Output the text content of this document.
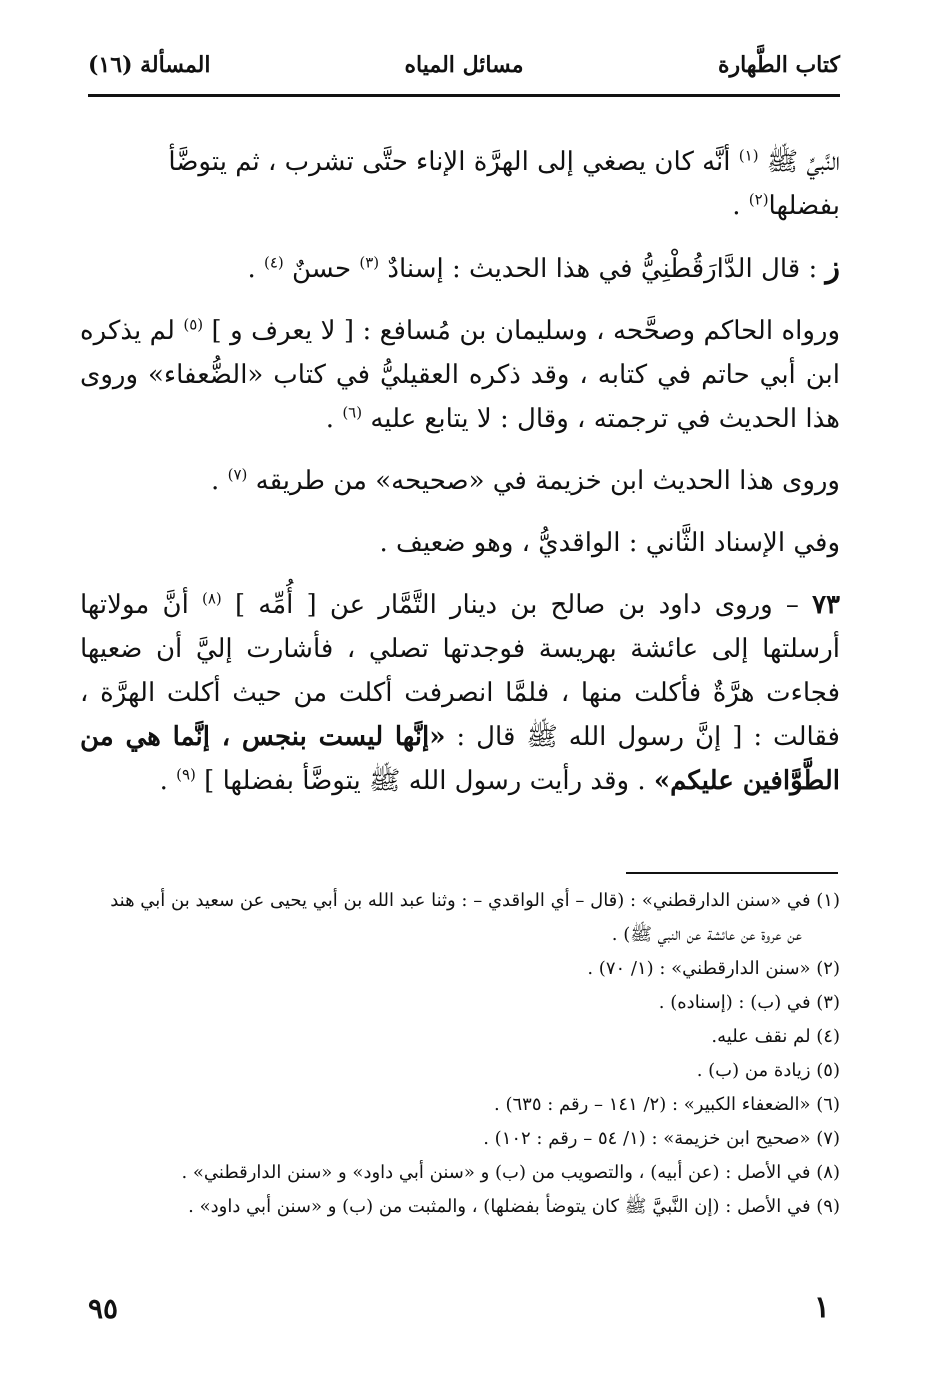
كتاب الطَّهارة
مسائل المياه
المسألة (١٦)

النَّبيِّ ﷺ $^{(١)}$ أنَّه كان يصغي إلى الهرَّة الإناء حتَّى تشرب ، ثم يتوضَّأ
بفضلها$^{(٢)}$ .

ز : قال الدَّارَقُطْنِيُّ في هذا الحديث : إسنادٌ $^{(٣)}$ حسنٌ $^{(٤)}$ .

ورواه الحاكم وصحَّحه ، وسليمان بن مُسافع : [ لا يعرف و ] $^{(٥)}$ لم يذكره ابن أبي حاتم في كتابه ، وقد ذكره العقيليُّ في كتاب «الضُّعفاء» وروى هذا الحديث في ترجمته ، وقال : لا يتابع عليه $^{(٦)}$ .

وروى هذا الحديث ابن خزيمة في «صحيحه» من طريقه $^{(٧)}$ .

وفي الإسناد الثَّاني : الواقديُّ ، وهو ضعيف .

٧٣ – وروى داود بن صالح بن دينار التَّمَّار عن [ أُمِّه ] $^{(٨)}$ أنَّ مولاتها أرسلتها إلى عائشة بهريسة فوجدتها تصلي ، فأشارت إليَّ أن ضعيها فجاءت هرَّةٌ فأكلت منها ، فلمَّا انصرفت أكلت من حيث أكلت الهرَّة ، فقالت : [ إنَّ رسول الله ﷺ قال : «إنَّها ليست بنجس ، إنَّما هي من الطَّوَّافين عليكم» . وقد رأيت رسول الله ﷺ يتوضَّأ بفضلها ] $^{(٩)}$ .

(١) في «سنن الدارقطني» : (قال – أي الواقدي – : وثنا عبد الله بن أبي يحيى عن سعيد بن أبي هند

عن عروة عن عائشة عن النبي ﷺ) .

(٢) «سنن الدارقطني» : (١/ ٧٠) .

(٣) في (ب) : (إسناده) .

(٤) لم نقف عليه.

(٥) زيادة من (ب) .

(٦) «الضعفاء الكبير» : (٢/ ١٤١ – رقم : ٦٣٥) .

(٧) «صحيح ابن خزيمة» : (١/ ٥٤ – رقم : ١٠٢) .

(٨) في الأصل : (عن أبيه) ، والتصويب من (ب) و «سنن أبي داود» و «سنن الدارقطني» .

(٩) في الأصل : (إن النَّبيَّ ﷺ كان يتوضأ بفضلها) ، والمثبت من (ب) و «سنن أبي داود» .

٩٥	١
